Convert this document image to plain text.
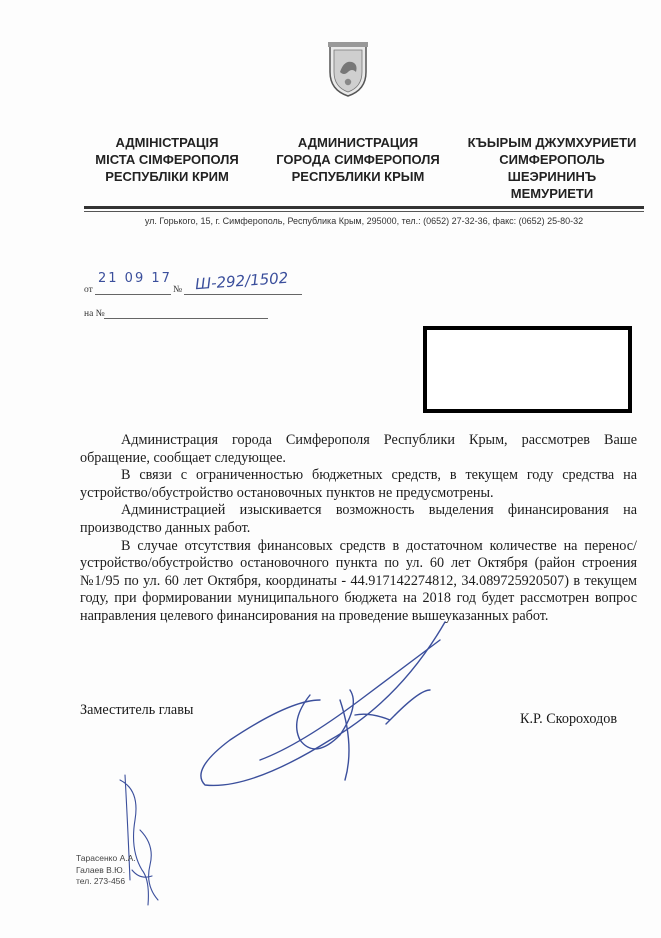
АДМІНІСТРАЦІЯ
МІСТА СІМФЕРОПОЛЯ
РЕСПУБЛІКИ КРИМ
АДМИНИСТРАЦИЯ
ГОРОДА СИМФЕРОПОЛЯ
РЕСПУБЛИКИ КРЫМ
КЪЫРЫМ ДЖУМХУРИЕТИ
СИМФЕРОПОЛЬ
ШЕЭРИНИНЪ
МЕМУРИЕТИ
ул. Горького, 15, г. Симферополь, Республика Крым, 295000, тел.: (0652) 27-32-36, факс: (0652) 25-80-32
от
21 09 17
№ Ш-292/1502
на №

Администрация города Симферополя Республики Крым, рассмотрев Ваше обращение, сообщает следующее.

В связи с ограниченностью бюджетных средств, в текущем году средства на устройство/обустройство остановочных пунктов не предусмотрены.

Администрацией изыскивается возможность выделения финансирования на производство данных работ.

В случае отсутствия финансовых средств в достаточном количестве на перенос/устройство/обустройство остановочного пункта по ул. 60 лет Октября (район строения №1/95 по ул. 60 лет Октября, координаты - 44.917142274812, 34.089725920507) в текущем году, при формировании муниципального бюджета на 2018 год будет рассмотрен вопрос направления целевого финансирования на проведение вышеуказанных работ.

Заместитель главы
К.Р. Скороходов
Тарасенко А.А.
Галаев В.Ю.
тел. 273-456
